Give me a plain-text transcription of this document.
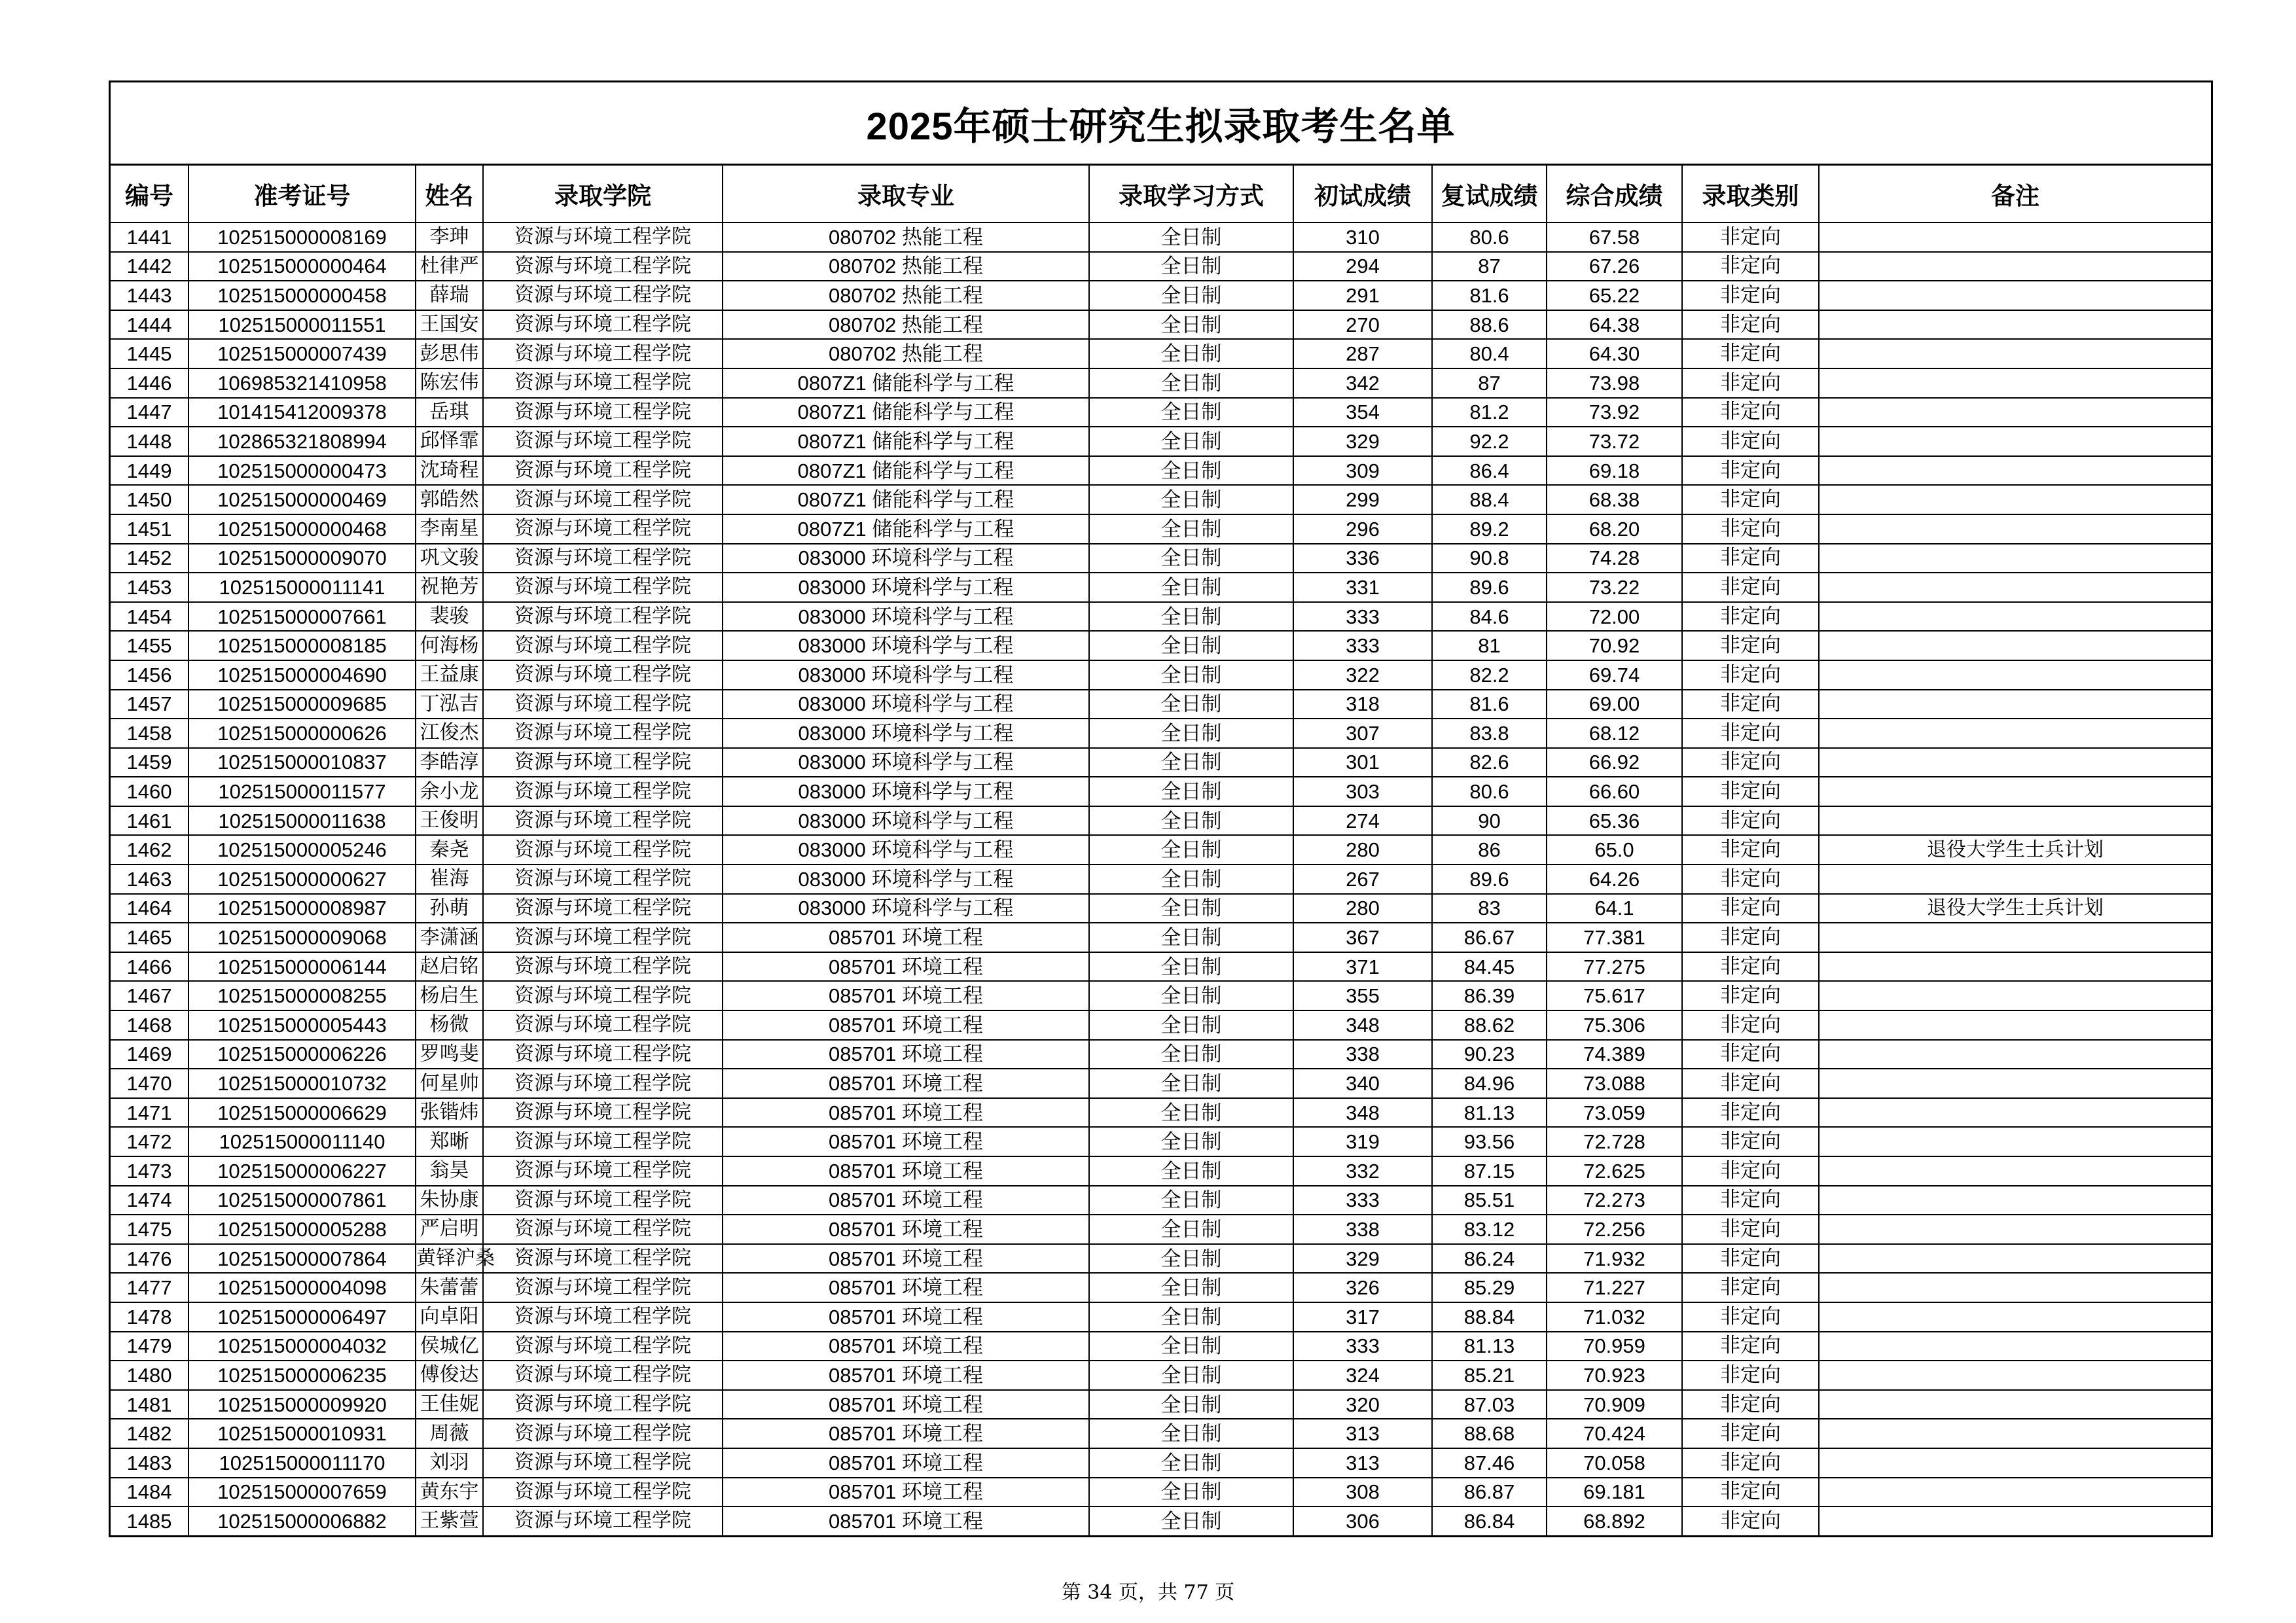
2025年硕士研究生拟录取考生名单
编号	准考证号	姓名	录取学院	录取专业	录取学习方式	初试成绩	复试成绩	综合成绩	录取类别	备注
1441	102515000008169	李珅	资源与环境工程学院	080702 热能工程	全日制	310	80.6	67.58	非定向	
1442	102515000000464	杜律严	资源与环境工程学院	080702 热能工程	全日制	294	87	67.26	非定向	
1443	102515000000458	薛瑞	资源与环境工程学院	080702 热能工程	全日制	291	81.6	65.22	非定向	
1444	102515000011551	王国安	资源与环境工程学院	080702 热能工程	全日制	270	88.6	64.38	非定向	
1445	102515000007439	彭思伟	资源与环境工程学院	080702 热能工程	全日制	287	80.4	64.30	非定向	
1446	106985321410958	陈宏伟	资源与环境工程学院	0807Z1 储能科学与工程	全日制	342	87	73.98	非定向	
1447	101415412009378	岳琪	资源与环境工程学院	0807Z1 储能科学与工程	全日制	354	81.2	73.92	非定向	
1448	102865321808994	邱怿霏	资源与环境工程学院	0807Z1 储能科学与工程	全日制	329	92.2	73.72	非定向	
1449	102515000000473	沈琦程	资源与环境工程学院	0807Z1 储能科学与工程	全日制	309	86.4	69.18	非定向	
1450	102515000000469	郭皓然	资源与环境工程学院	0807Z1 储能科学与工程	全日制	299	88.4	68.38	非定向	
1451	102515000000468	李南星	资源与环境工程学院	0807Z1 储能科学与工程	全日制	296	89.2	68.20	非定向	
1452	102515000009070	巩文骏	资源与环境工程学院	083000 环境科学与工程	全日制	336	90.8	74.28	非定向	
1453	102515000011141	祝艳芳	资源与环境工程学院	083000 环境科学与工程	全日制	331	89.6	73.22	非定向	
1454	102515000007661	裴骏	资源与环境工程学院	083000 环境科学与工程	全日制	333	84.6	72.00	非定向	
1455	102515000008185	何海杨	资源与环境工程学院	083000 环境科学与工程	全日制	333	81	70.92	非定向	
1456	102515000004690	王益康	资源与环境工程学院	083000 环境科学与工程	全日制	322	82.2	69.74	非定向	
1457	102515000009685	丁泓吉	资源与环境工程学院	083000 环境科学与工程	全日制	318	81.6	69.00	非定向	
1458	102515000000626	江俊杰	资源与环境工程学院	083000 环境科学与工程	全日制	307	83.8	68.12	非定向	
1459	102515000010837	李皓淳	资源与环境工程学院	083000 环境科学与工程	全日制	301	82.6	66.92	非定向	
1460	102515000011577	余小龙	资源与环境工程学院	083000 环境科学与工程	全日制	303	80.6	66.60	非定向	
1461	102515000011638	王俊明	资源与环境工程学院	083000 环境科学与工程	全日制	274	90	65.36	非定向	
1462	102515000005246	秦尧	资源与环境工程学院	083000 环境科学与工程	全日制	280	86	65.0	非定向	退役大学生士兵计划
1463	102515000000627	崔海	资源与环境工程学院	083000 环境科学与工程	全日制	267	89.6	64.26	非定向	
1464	102515000008987	孙萌	资源与环境工程学院	083000 环境科学与工程	全日制	280	83	64.1	非定向	退役大学生士兵计划
1465	102515000009068	李潇涵	资源与环境工程学院	085701 环境工程	全日制	367	86.67	77.381	非定向	
1466	102515000006144	赵启铭	资源与环境工程学院	085701 环境工程	全日制	371	84.45	77.275	非定向	
1467	102515000008255	杨启生	资源与环境工程学院	085701 环境工程	全日制	355	86.39	75.617	非定向	
1468	102515000005443	杨微	资源与环境工程学院	085701 环境工程	全日制	348	88.62	75.306	非定向	
1469	102515000006226	罗鸣斐	资源与环境工程学院	085701 环境工程	全日制	338	90.23	74.389	非定向	
1470	102515000010732	何星帅	资源与环境工程学院	085701 环境工程	全日制	340	84.96	73.088	非定向	
1471	102515000006629	张锴炜	资源与环境工程学院	085701 环境工程	全日制	348	81.13	73.059	非定向	
1472	102515000011140	郑晰	资源与环境工程学院	085701 环境工程	全日制	319	93.56	72.728	非定向	
1473	102515000006227	翁昊	资源与环境工程学院	085701 环境工程	全日制	332	87.15	72.625	非定向	
1474	102515000007861	朱协康	资源与环境工程学院	085701 环境工程	全日制	333	85.51	72.273	非定向	
1475	102515000005288	严启明	资源与环境工程学院	085701 环境工程	全日制	338	83.12	72.256	非定向	
1476	102515000007864	黄铎沪桑	资源与环境工程学院	085701 环境工程	全日制	329	86.24	71.932	非定向	
1477	102515000004098	朱蕾蕾	资源与环境工程学院	085701 环境工程	全日制	326	85.29	71.227	非定向	
1478	102515000006497	向卓阳	资源与环境工程学院	085701 环境工程	全日制	317	88.84	71.032	非定向	
1479	102515000004032	侯城亿	资源与环境工程学院	085701 环境工程	全日制	333	81.13	70.959	非定向	
1480	102515000006235	傅俊达	资源与环境工程学院	085701 环境工程	全日制	324	85.21	70.923	非定向	
1481	102515000009920	王佳妮	资源与环境工程学院	085701 环境工程	全日制	320	87.03	70.909	非定向	
1482	102515000010931	周薇	资源与环境工程学院	085701 环境工程	全日制	313	88.68	70.424	非定向	
1483	102515000011170	刘羽	资源与环境工程学院	085701 环境工程	全日制	313	87.46	70.058	非定向	
1484	102515000007659	黄东宇	资源与环境工程学院	085701 环境工程	全日制	308	86.87	69.181	非定向	
1485	102515000006882	王紫萱	资源与环境工程学院	085701 环境工程	全日制	306	86.84	68.892	非定向	
第 34 页，共 77 页
